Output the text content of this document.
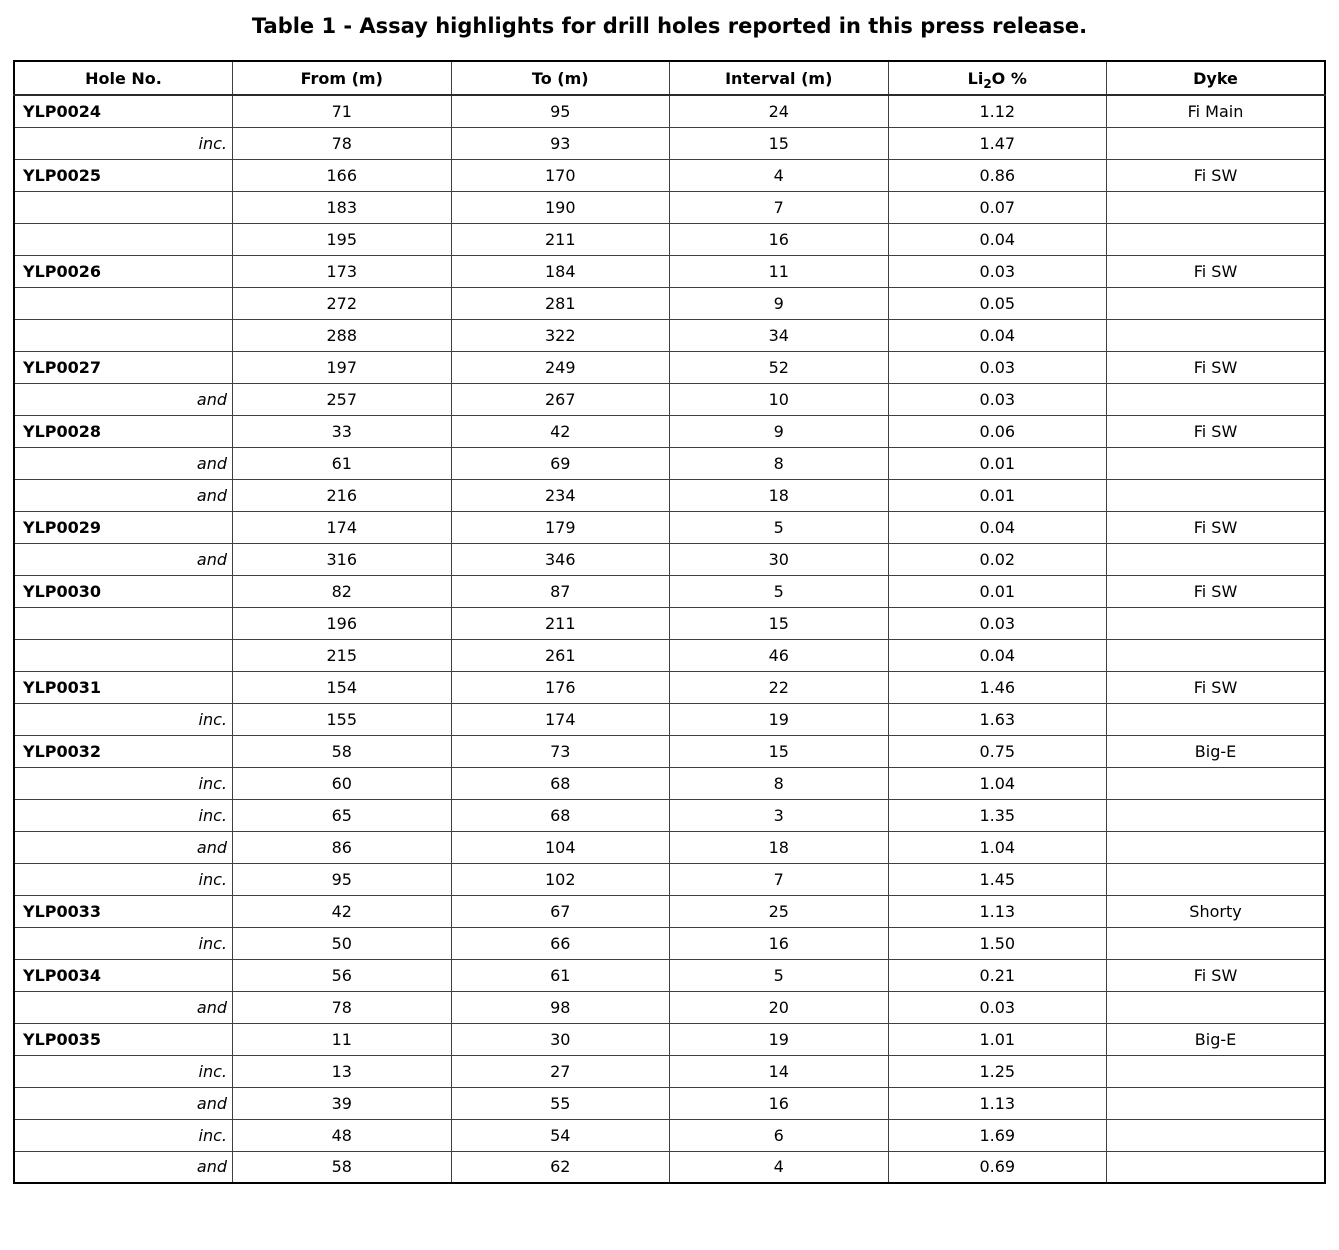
Table 1 - Assay highlights for drill holes reported in this press release.
Hole No.	From (m)	To (m)	Interval (m)	$Li_2O$ %	Dyke
YLP0024	71	95	24	1.12	Fi Main
inc.	78	93	15	1.47	
YLP0025	166	170	4	0.86	Fi SW
	183	190	7	0.07	
	195	211	16	0.04	
YLP0026	173	184	11	0.03	Fi SW
	272	281	9	0.05	
	288	322	34	0.04	
YLP0027	197	249	52	0.03	Fi SW
and	257	267	10	0.03	
YLP0028	33	42	9	0.06	Fi SW
and	61	69	8	0.01	
and	216	234	18	0.01	
YLP0029	174	179	5	0.04	Fi SW
and	316	346	30	0.02	
YLP0030	82	87	5	0.01	Fi SW
	196	211	15	0.03	
	215	261	46	0.04	
YLP0031	154	176	22	1.46	Fi SW
inc.	155	174	19	1.63	
YLP0032	58	73	15	0.75	Big-E
inc.	60	68	8	1.04	
inc.	65	68	3	1.35	
and	86	104	18	1.04	
inc.	95	102	7	1.45	
YLP0033	42	67	25	1.13	Shorty
inc.	50	66	16	1.50	
YLP0034	56	61	5	0.21	Fi SW
and	78	98	20	0.03	
YLP0035	11	30	19	1.01	Big-E
inc.	13	27	14	1.25	
and	39	55	16	1.13	
inc.	48	54	6	1.69	
and	58	62	4	0.69	
